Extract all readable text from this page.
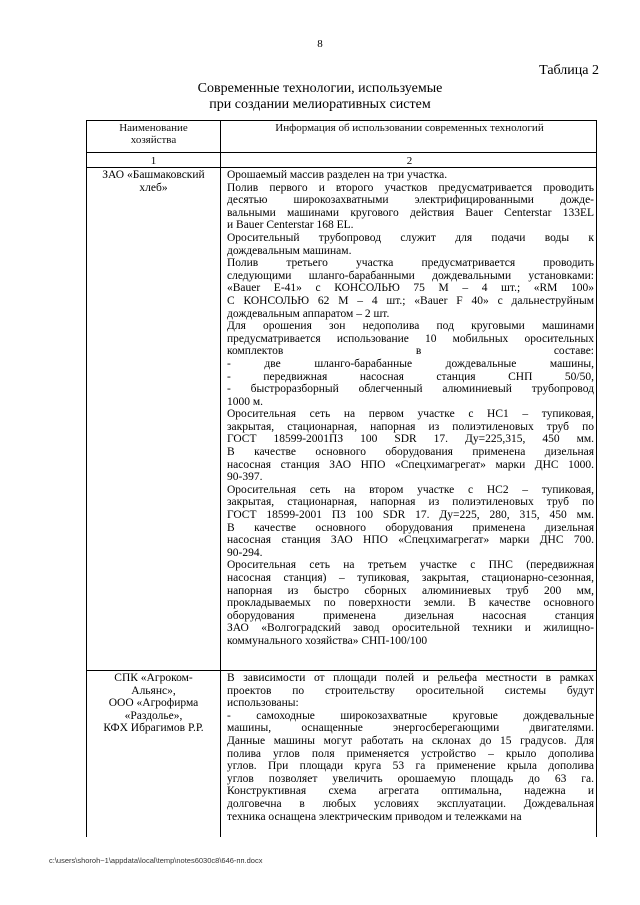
8
Таблица 2
Современные технологии, используемые
при создании мелиоративных систем
Наименование
хозяйства
Информация об использовании современных технологий
1	2
ЗАО «Башмаковский
хлеб»
Орошаемый массив разделен на три участка.
Полив первого и второго участков предусматривается проводить
десятью широкозахватными электрифицированными дожде-
вальными машинами кругового действия Bauer Centerstar 133EL
и Bauer Centerstar 168 EL.
Оросительный трубопровод служит для подачи воды к
дождевальным машинам.
Полив третьего участка предусматривается проводить
следующими шланго-барабанными дождевальными установками:
«Bauer E-41» с КОНСОЛЬЮ 75 М – 4 шт.; «RM 100»
С КОНСОЛЬЮ 62 М – 4 шт.; «Bauer F 40» с дальнеструйным
дождевальным аппаратом – 2 шт.
Для орошения зон недополива под круговыми машинами
предусматривается использование 10 мобильных оросительных
комплектов в составе:
- две шланго-барабанные дождевальные машины,
- передвижная насосная станция СНП 50/50,
- быстроразборный облегченный алюминиевый трубопровод
1000 м.
Оросительная сеть на первом участке с НС1 – тупиковая,
закрытая, стационарная, напорная из полиэтиленовых труб по
ГОСТ 18599-2001ПЗ 100 SDR 17. Ду=225,315, 450 мм.
В качестве основного оборудования применена дизельная
насосная станция ЗАО НПО «Спецхимагрегат» марки ДНС 1000.
90-397.
Оросительная сеть на втором участке с НС2 – тупиковая,
закрытая, стационарная, напорная из полиэтиленовых труб по
ГОСТ 18599-2001 ПЗ 100 SDR 17. Ду=225, 280, 315, 450 мм.
В качестве основного оборудования применена дизельная
насосная станция ЗАО НПО «Спецхимагрегат» марки ДНС 700.
90-294.
Оросительная сеть на третьем участке с ПНС (передвижная
насосная станция) – тупиковая, закрытая, стационарно-сезонная,
напорная из быстро сборных алюминиевых труб 200 мм,
прокладываемых по поверхности земли. В качестве основного
оборудования применена дизельная насосная станция
ЗАО «Волгоградский завод оросительной техники и жилищно-
коммунального хозяйства» СНП-100/100
СПК «Агроком-
Альянс»,
ООО «Агрофирма
«Раздолье»,
КФХ Ибрагимов Р.Р.
В зависимости от площади полей и рельефа местности в рамках
проектов по строительству оросительной системы будут
использованы:
- самоходные широкозахватные круговые дождевальные
машины, оснащенные энергосберегающими двигателями.
Данные машины могут работать на склонах до 15 градусов. Для
полива углов поля применяется устройство – крыло дополива
углов. При площади круга 53 га применение крыла дополива
углов позволяет увеличить орошаемую площадь до 63 га.
Конструктивная схема агрегата оптимальна, надежна и
долговечна в любых условиях эксплуатации. Дождевальная
техника оснащена электрическим приводом и тележками на
c:\users\shoroh~1\appdata\local\temp\notes6030c8\646-пп.docx
